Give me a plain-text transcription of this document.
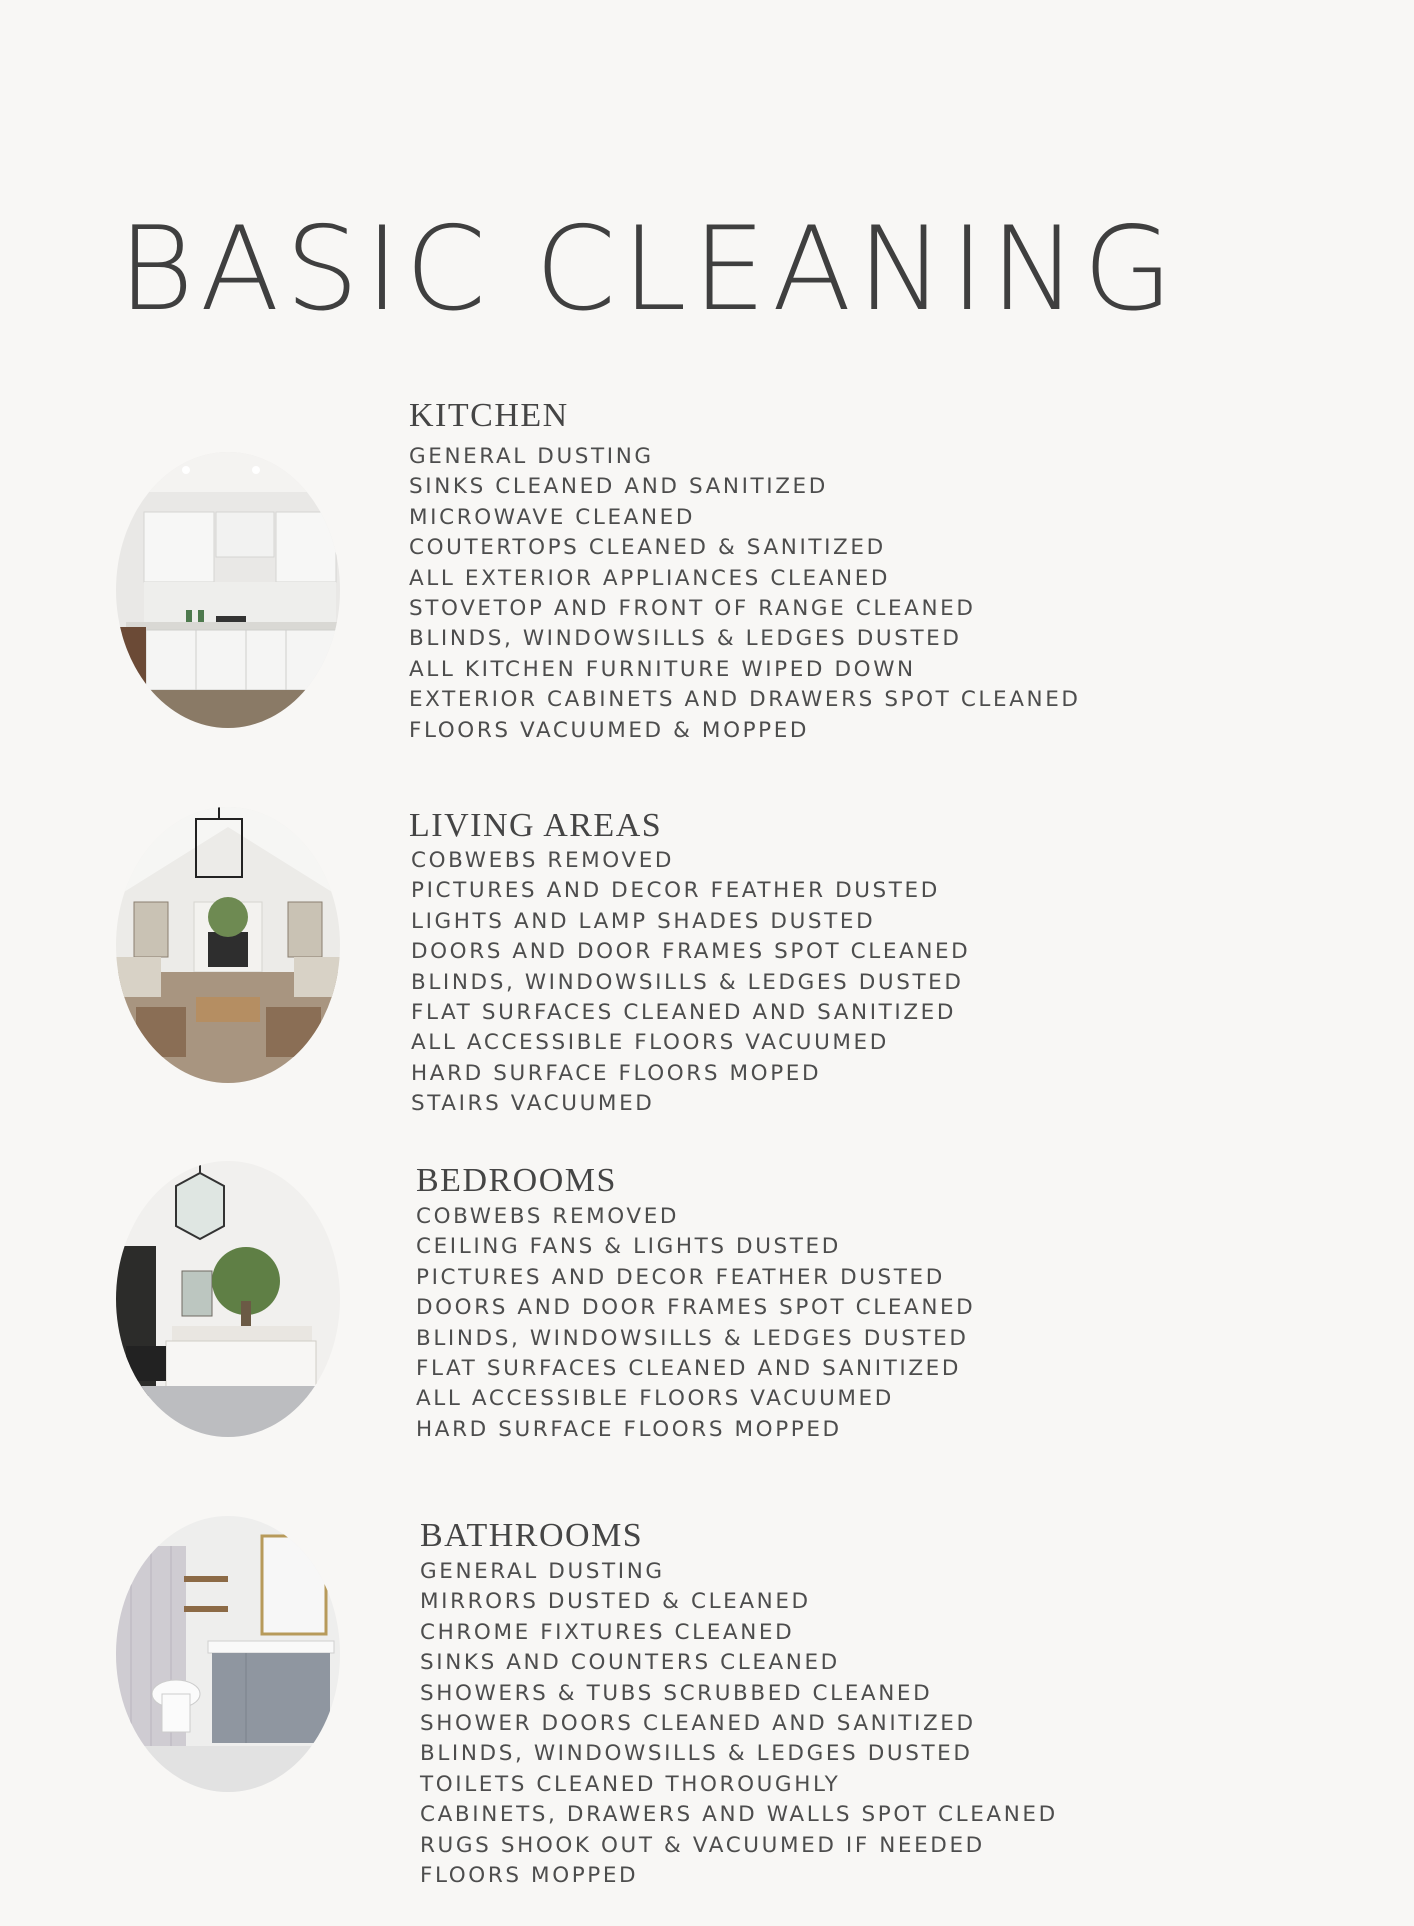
BASIC CLEANING
KITCHEN
GENERAL DUSTING
SINKS CLEANED AND SANITIZED
MICROWAVE CLEANED
COUTERTOPS CLEANED & SANITIZED
ALL EXTERIOR APPLIANCES CLEANED
STOVETOP AND FRONT OF RANGE CLEANED
BLINDS, WINDOWSILLS & LEDGES DUSTED
ALL KITCHEN FURNITURE WIPED DOWN
EXTERIOR CABINETS AND DRAWERS SPOT CLEANED
FLOORS VACUUMED & MOPPED
LIVING AREAS
COBWEBS REMOVED
PICTURES AND DECOR FEATHER DUSTED
LIGHTS AND LAMP SHADES DUSTED
DOORS AND DOOR FRAMES SPOT CLEANED
BLINDS, WINDOWSILLS & LEDGES DUSTED
FLAT SURFACES CLEANED AND SANITIZED
ALL ACCESSIBLE FLOORS VACUUMED
HARD SURFACE FLOORS MOPED
STAIRS VACUUMED
BEDROOMS
COBWEBS REMOVED
CEILING FANS & LIGHTS DUSTED
PICTURES AND DECOR FEATHER DUSTED
DOORS AND DOOR FRAMES SPOT CLEANED
BLINDS, WINDOWSILLS & LEDGES DUSTED
FLAT SURFACES CLEANED AND SANITIZED
ALL ACCESSIBLE FLOORS VACUUMED
HARD SURFACE FLOORS MOPPED
BATHROOMS
GENERAL DUSTING
MIRRORS DUSTED & CLEANED
CHROME FIXTURES CLEANED
SINKS AND COUNTERS CLEANED
SHOWERS & TUBS SCRUBBED CLEANED
SHOWER DOORS CLEANED AND SANITIZED
BLINDS, WINDOWSILLS & LEDGES DUSTED
TOILETS CLEANED THOROUGHLY
CABINETS, DRAWERS AND WALLS SPOT CLEANED
RUGS SHOOK OUT & VACUUMED IF NEEDED
FLOORS MOPPED
